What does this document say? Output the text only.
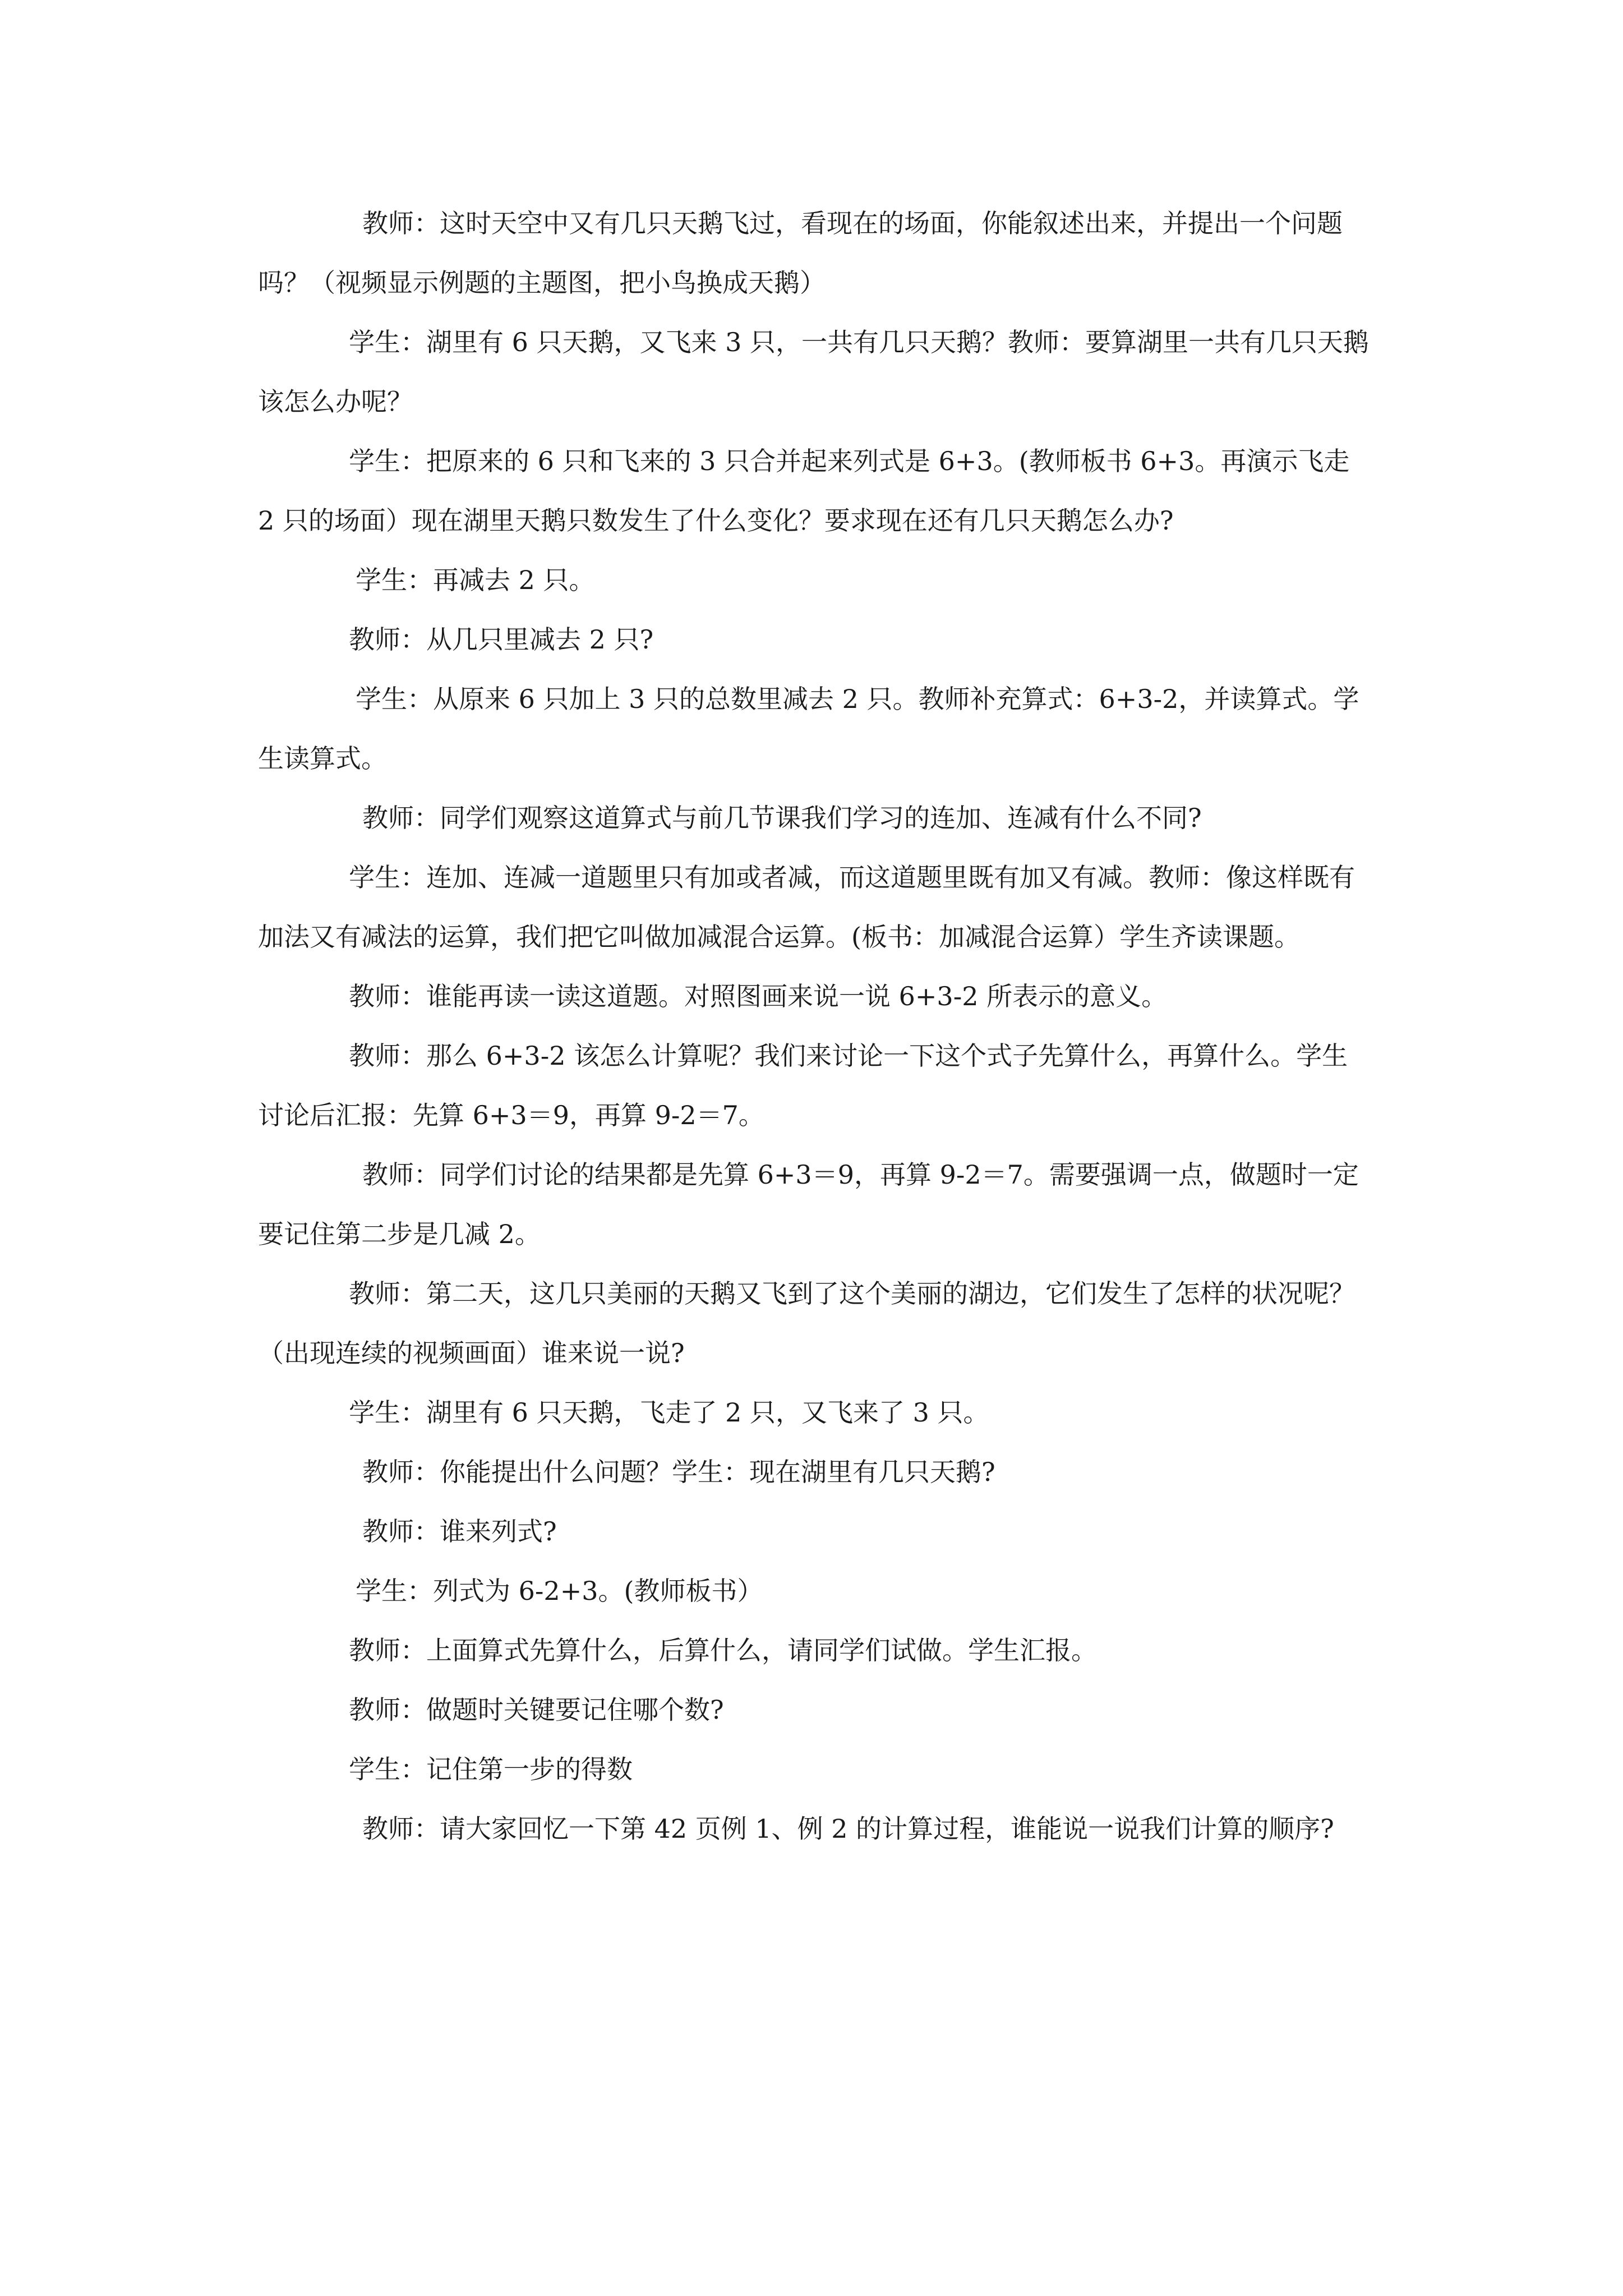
教师：这时天空中又有几只天鹅飞过，看现在的场面，你能叙述出来，并提出一个问题吗？（视频显示例题的主题图，把小鸟换成天鹅）

学生：湖里有 6 只天鹅，又飞来 3 只，一共有几只天鹅？教师：要算湖里一共有几只天鹅该怎么办呢？

学生：把原来的 6 只和飞来的 3 只合并起来列式是 6+3。(教师板书 6+3。再演示飞走 2 只的场面）现在湖里天鹅只数发生了什么变化？要求现在还有几只天鹅怎么办?

学生：再减去 2 只。

教师：从几只里减去 2 只?

学生：从原来 6 只加上 3 只的总数里减去 2 只。教师补充算式：6+3-2，并读算式。学生读算式。

教师：同学们观察这道算式与前几节课我们学习的连加、连减有什么不同?

学生：连加、连减一道题里只有加或者减，而这道题里既有加又有减。教师：像这样既有加法又有减法的运算，我们把它叫做加减混合运算。(板书：加减混合运算）学生齐读课题。

教师：谁能再读一读这道题。对照图画来说一说 6+3-2 所表示的意义。

教师：那么 6+3-2 该怎么计算呢？我们来讨论一下这个式子先算什么，再算什么。学生讨论后汇报：先算 6+3＝9，再算 9-2＝7。

教师：同学们讨论的结果都是先算 6+3＝9，再算 9-2＝7。需要强调一点，做题时一定要记住第二步是几减 2。

教师：第二天，这几只美丽的天鹅又飞到了这个美丽的湖边，它们发生了怎样的状况呢？（出现连续的视频画面）谁来说一说?

学生：湖里有 6 只天鹅，飞走了 2 只，又飞来了 3 只。

教师：你能提出什么问题？学生：现在湖里有几只天鹅?

教师：谁来列式?

学生：列式为 6-2+3。(教师板书）

教师：上面算式先算什么，后算什么，请同学们试做。学生汇报。

教师：做题时关键要记住哪个数?

学生：记住第一步的得数

教师：请大家回忆一下第 42 页例 1、例 2 的计算过程，谁能说一说我们计算的顺序?
